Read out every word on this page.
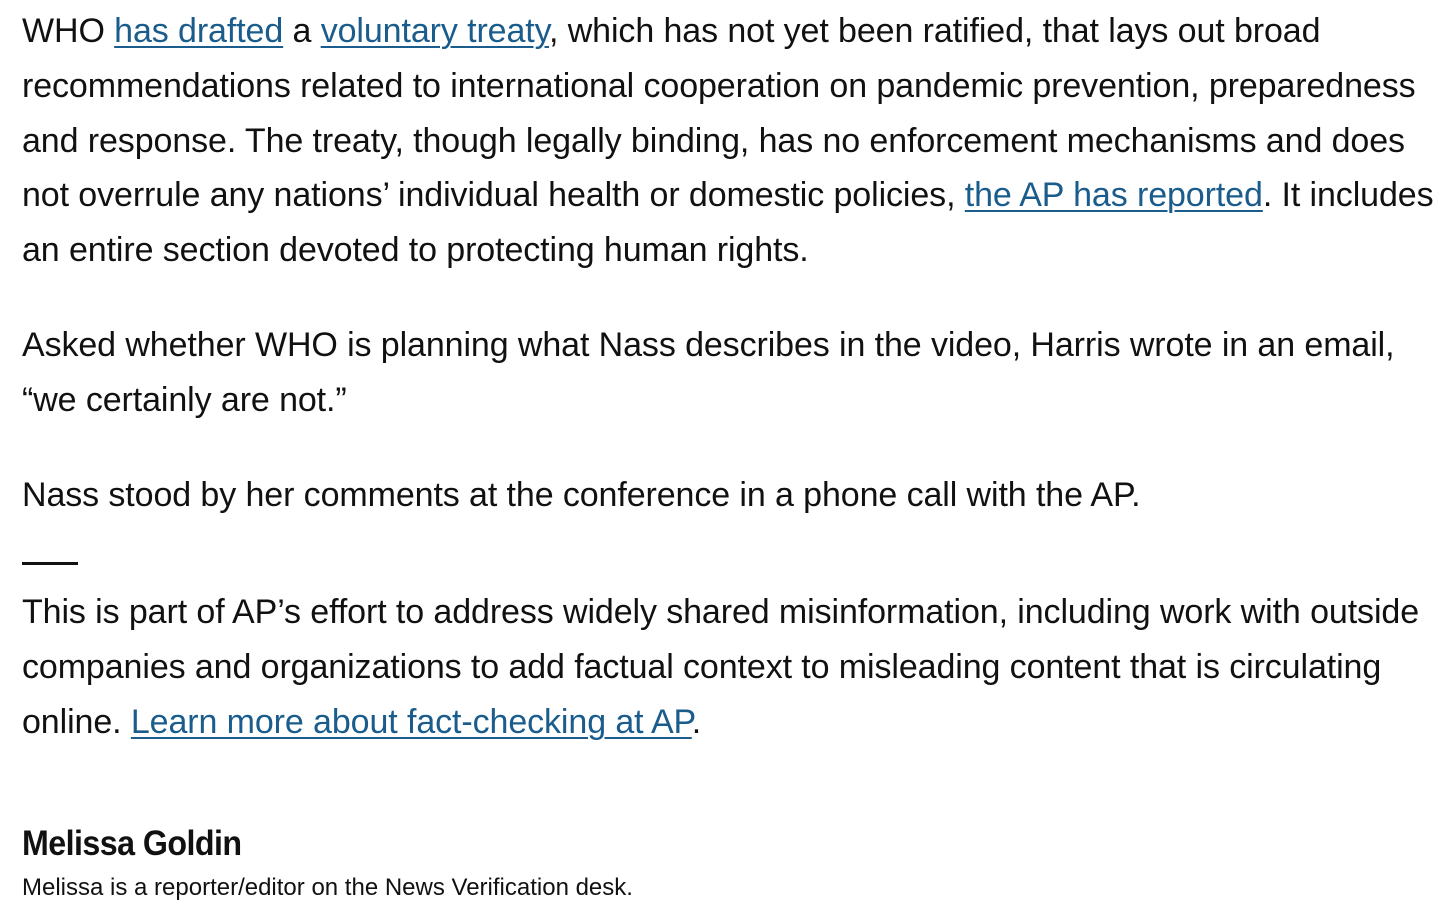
WHO has drafted a voluntary treaty, which has not yet been ratified, that lays out broad recommendations related to international cooperation on pandemic prevention, preparedness and response. The treaty, though legally binding, has no enforcement mechanisms and does not overrule any nations’ individual health or domestic policies, the AP has reported. It includes an entire section devoted to protecting human rights.

Asked whether WHO is planning what Nass describes in the video, Harris wrote in an email, “we certainly are not.”

Nass stood by her comments at the conference in a phone call with the AP.

This is part of AP’s effort to address widely shared misinformation, including work with outside companies and organizations to add factual context to misleading content that is circulating online. Learn more about fact-checking at AP.

Melissa Goldin

Melissa is a reporter/editor on the News Verification desk.
